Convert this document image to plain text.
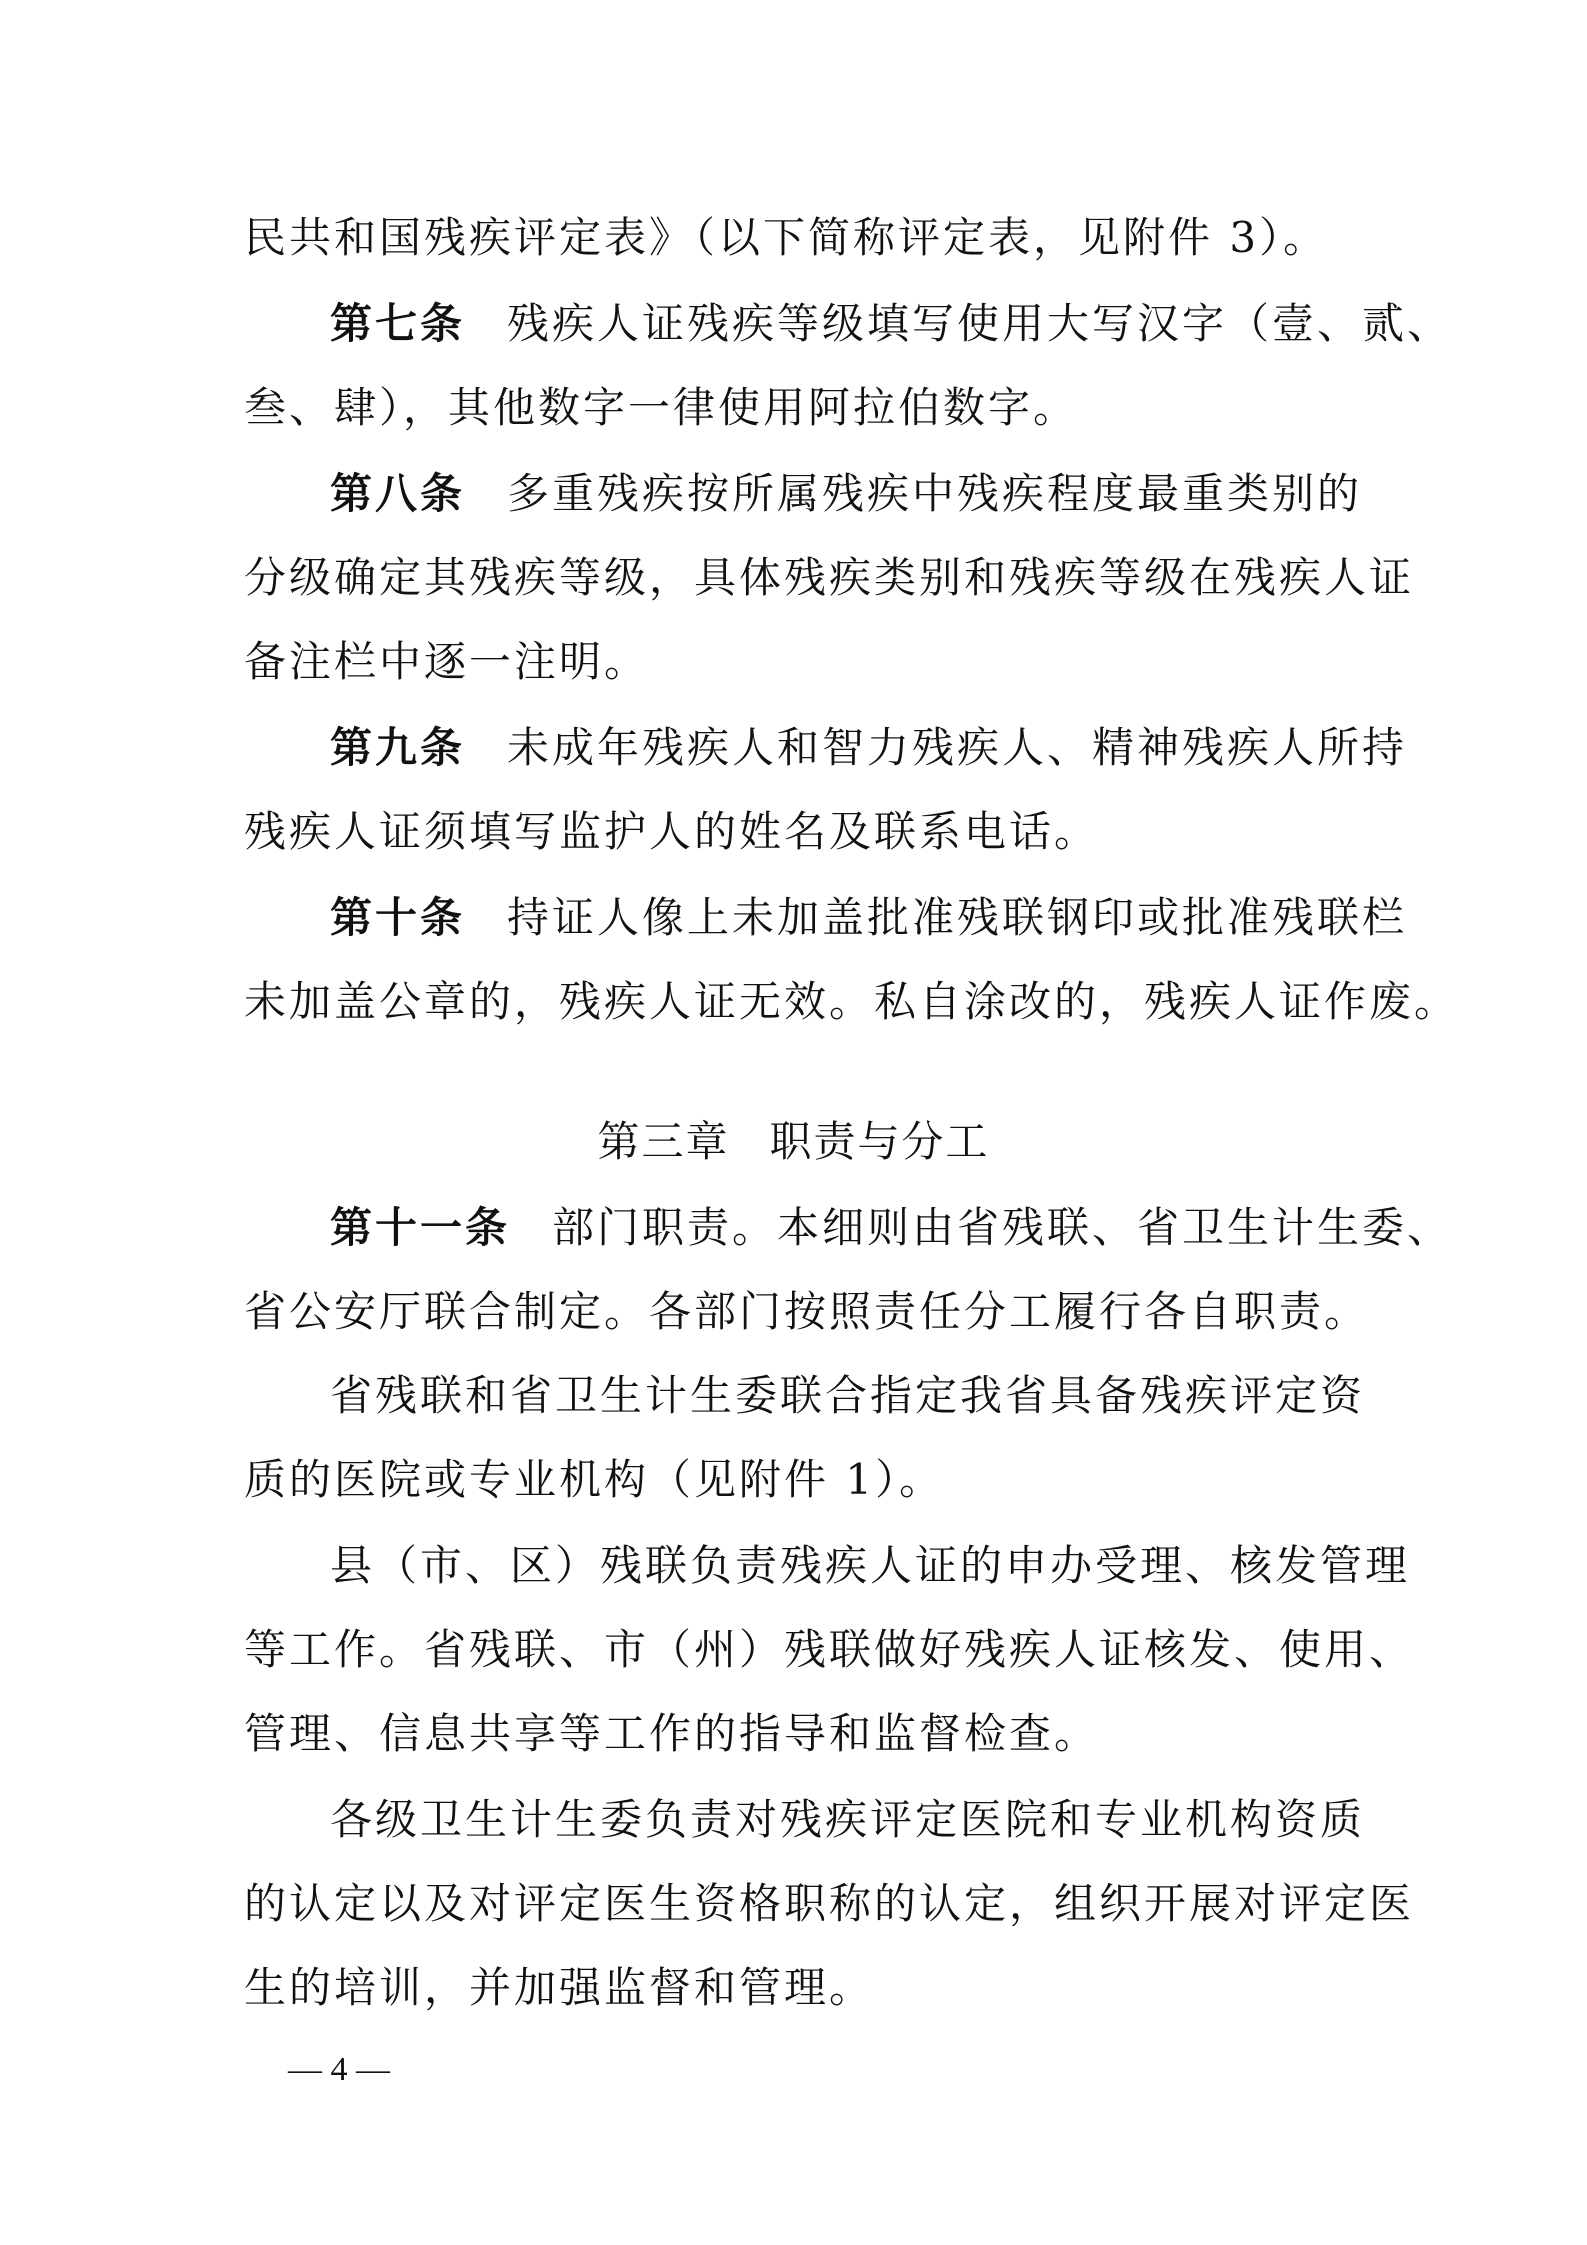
民共和国残疾评定表》（以下简称评定表，见附件 3）。
第七条 残疾人证残疾等级填写使用大写汉字（壹、贰、
叁、肆），其他数字一律使用阿拉伯数字。
第八条 多重残疾按所属残疾中残疾程度最重类别的
分级确定其残疾等级，具体残疾类别和残疾等级在残疾人证
备注栏中逐一注明。
第九条 未成年残疾人和智力残疾人、精神残疾人所持
残疾人证须填写监护人的姓名及联系电话。
第十条 持证人像上未加盖批准残联钢印或批准残联栏
未加盖公章的，残疾人证无效。私自涂改的，残疾人证作废。
第三章 职责与分工
第十一条 部门职责。本细则由省残联、省卫生计生委、
省公安厅联合制定。各部门按照责任分工履行各自职责。
省残联和省卫生计生委联合指定我省具备残疾评定资
质的医院或专业机构（见附件 1）。
县（市、区）残联负责残疾人证的申办受理、核发管理
等工作。省残联、市（州）残联做好残疾人证核发、使用、
管理、信息共享等工作的指导和监督检查。
各级卫生计生委负责对残疾评定医院和专业机构资质
的认定以及对评定医生资格职称的认定，组织开展对评定医
生的培训，并加强监督和管理。
— 4 —
